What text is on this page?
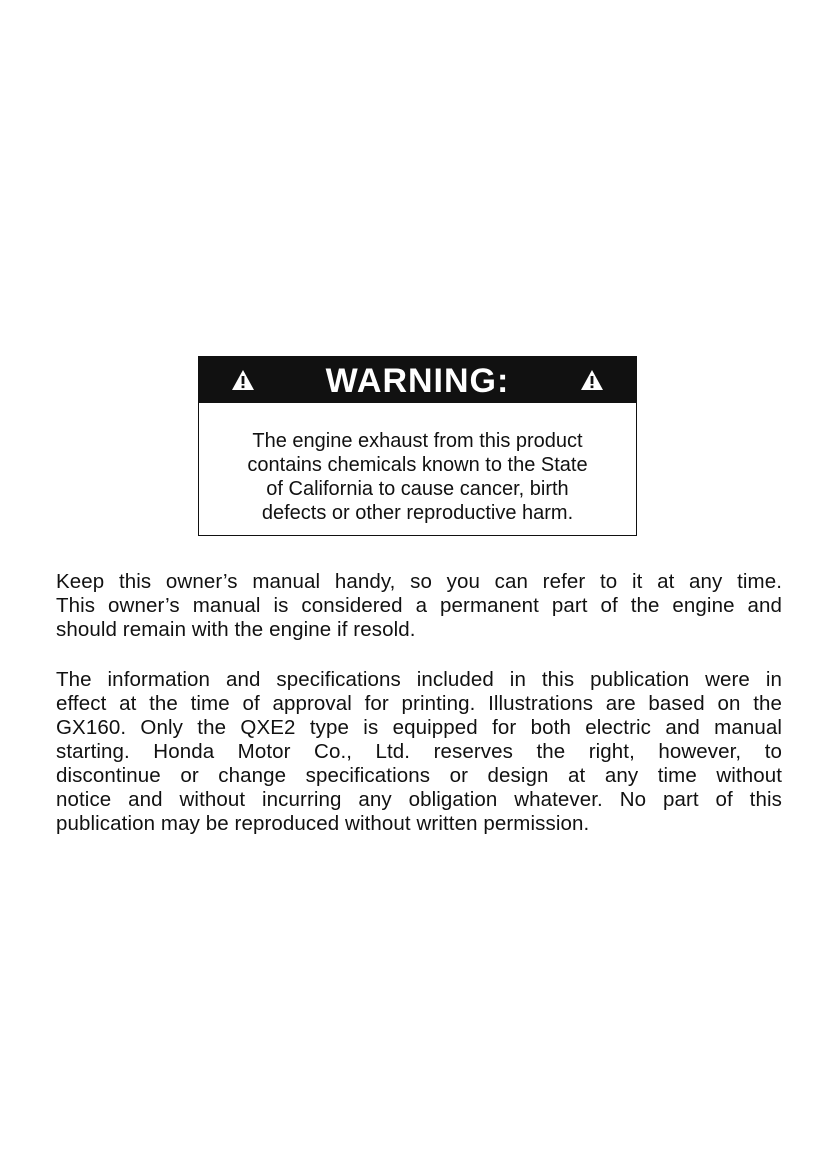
WARNING:
The engine exhaust from this product
contains chemicals known to the State
of California to cause cancer, birth
defects or other reproductive harm.
Keep this owner’s manual handy, so you can refer to it at any time.
This owner’s manual is considered a permanent part of the engine and
should remain with the engine if resold.
The information and specifications included in this publication were in
effect at the time of approval for printing. Illustrations are based on the
GX160. Only the QXE2 type is equipped for both electric and manual
starting. Honda Motor Co., Ltd. reserves the right, however, to
discontinue or change specifications or design at any time without
notice and without incurring any obligation whatever. No part of this
publication may be reproduced without written permission.
